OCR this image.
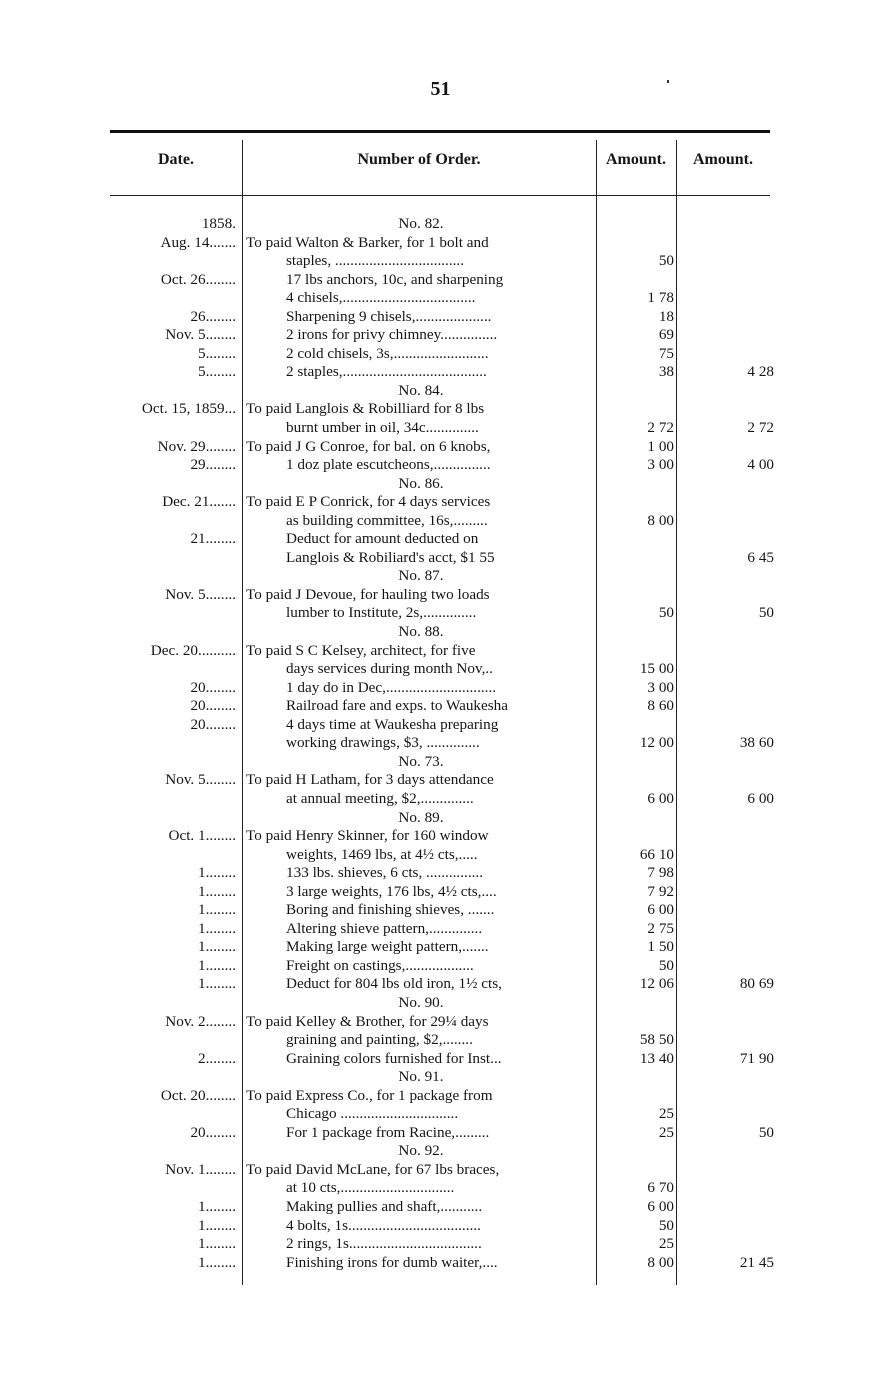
51
Date.	Number of Order.	Amount.	Amount.
1858.	No. 82.
Aug. 14....... To paid Walton & Barker, for 1 bolt and
staples, ..................................	50
Oct. 26........	17 lbs anchors, 10c, and sharpening
4 chisels,...................................	1 78
26........	Sharpening 9 chisels,....................	18
Nov. 5........	2 irons for privy chimney...............	69
5........	2 cold chisels, 3s,.........................	75
5........	2 staples,......................................	38	4 28
No. 84.
Oct. 15, 1859... To paid Langlois & Robilliard for 8 lbs
burnt umber in oil, 34c..............	2 72	2 72
Nov. 29........ To paid J G Conroe, for bal. on 6 knobs,	1 00
29........	1 doz plate escutcheons,...............	3 00	4 00
No. 86.
Dec. 21....... To paid E P Conrick, for 4 days services
as building committee, 16s,.........	8 00
21........	Deduct for amount deducted on
Langlois & Robiliard's acct, $1 55	6 45
No. 87.
Nov. 5........ To paid J Devoue, for hauling two loads
lumber to Institute, 2s,..............	50	50
No. 88.
Dec. 20.......... To paid S C Kelsey, architect, for five
days services during month Nov,..	15 00
20........	1 day do in Dec,.............................	3 00
20........	Railroad fare and exps. to Waukesha	8 60
20........	4 days time at Waukesha preparing
working drawings, $3, ..............	12 00	38 60
No. 73.
Nov. 5........ To paid H Latham, for 3 days attendance
at annual meeting, $2,..............	6 00	6 00
No. 89.
Oct. 1........ To paid Henry Skinner, for 160 window
weights, 1469 lbs, at 4½ cts,.....	66 10
1........	133 lbs. shieves, 6 cts, ...............	7 98
1........	3 large weights, 176 lbs, 4½ cts,....	7 92
1........	Boring and finishing shieves, .......	6 00
1........	Altering shieve pattern,..............	2 75
1........	Making large weight pattern,.......	1 50
1........	Freight on castings,..................	50
1........	Deduct for 804 lbs old iron, 1½ cts,	12 06	80 69
No. 90.
Nov. 2........ To paid Kelley & Brother, for 29¼ days
graining and painting, $2,........	58 50
2........	Graining colors furnished for Inst...	13 40	71 90
No. 91.
Oct. 20........ To paid Express Co., for 1 package from
Chicago ...............................	25
20........	For 1 package from Racine,.........	25	50
No. 92.
Nov. 1........ To paid David McLane, for 67 lbs braces,
at 10 cts,..............................	6 70
1........	Making pullies and shaft,...........	6 00
1........	4 bolts, 1s...................................	50
1........	2 rings, 1s...................................	25
1........	Finishing irons for dumb waiter,....	8 00	21 45
